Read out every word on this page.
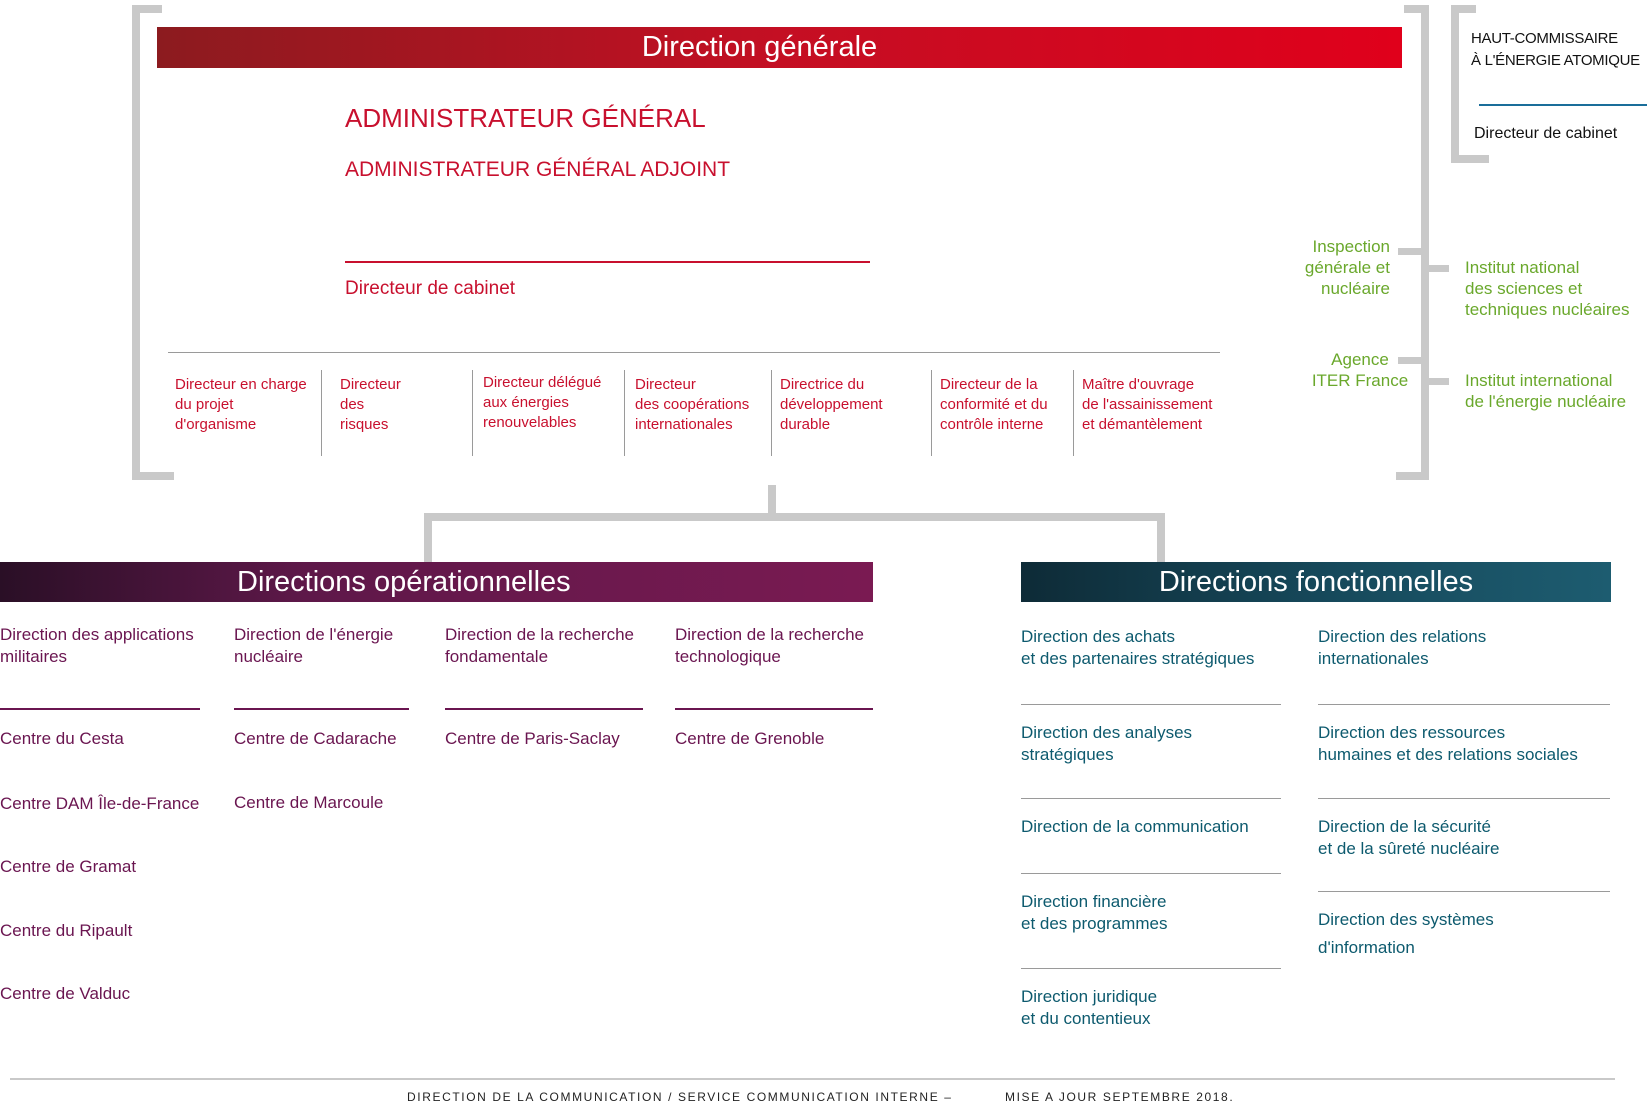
Direction générale
ADMINISTRATEUR GÉNÉRAL
ADMINISTRATEUR GÉNÉRAL ADJOINT
Directeur de cabinet
Directeur en charge
du projet
d'organisme
Directeur
des
risques
Directeur délégué
aux énergies
renouvelables
Directeur
des coopérations
internationales
Directrice du
développement
durable
Directeur de la
conformité et du
contrôle interne
Maître d'ouvrage
de l'assainissement
et démantèlement
HAUT-COMMISSAIRE
À L'ÉNERGIE ATOMIQUE
Directeur de cabinet
Inspection
générale et
nucléaire
Agence
ITER France
Institut national
des sciences et
techniques nucléaires
Institut international
de l'énergie nucléaire
Directions opérationnelles
Direction des applications
militaires
Centre du Cesta
Centre DAM Île-de-France
Centre de Gramat
Centre du Ripault
Centre de Valduc
Direction de l'énergie
nucléaire
Centre de Cadarache
Centre de Marcoule
Direction de la recherche
fondamentale
Centre de Paris-Saclay
Direction de la recherche
technologique
Centre de Grenoble
Directions fonctionnelles
Direction des achats
et des partenaires stratégiques
Direction des analyses
stratégiques
Direction de la communication
Direction financière
et des programmes
Direction juridique
et du contentieux
Direction des relations
internationales
Direction des ressources
humaines et des relations sociales
Direction de la sécurité
et de la sûreté nucléaire
Direction des systèmes
d'information
DIRECTION DE LA COMMUNICATION / SERVICE COMMUNICATION INTERNE –	MISE A JOUR SEPTEMBRE 2018.
